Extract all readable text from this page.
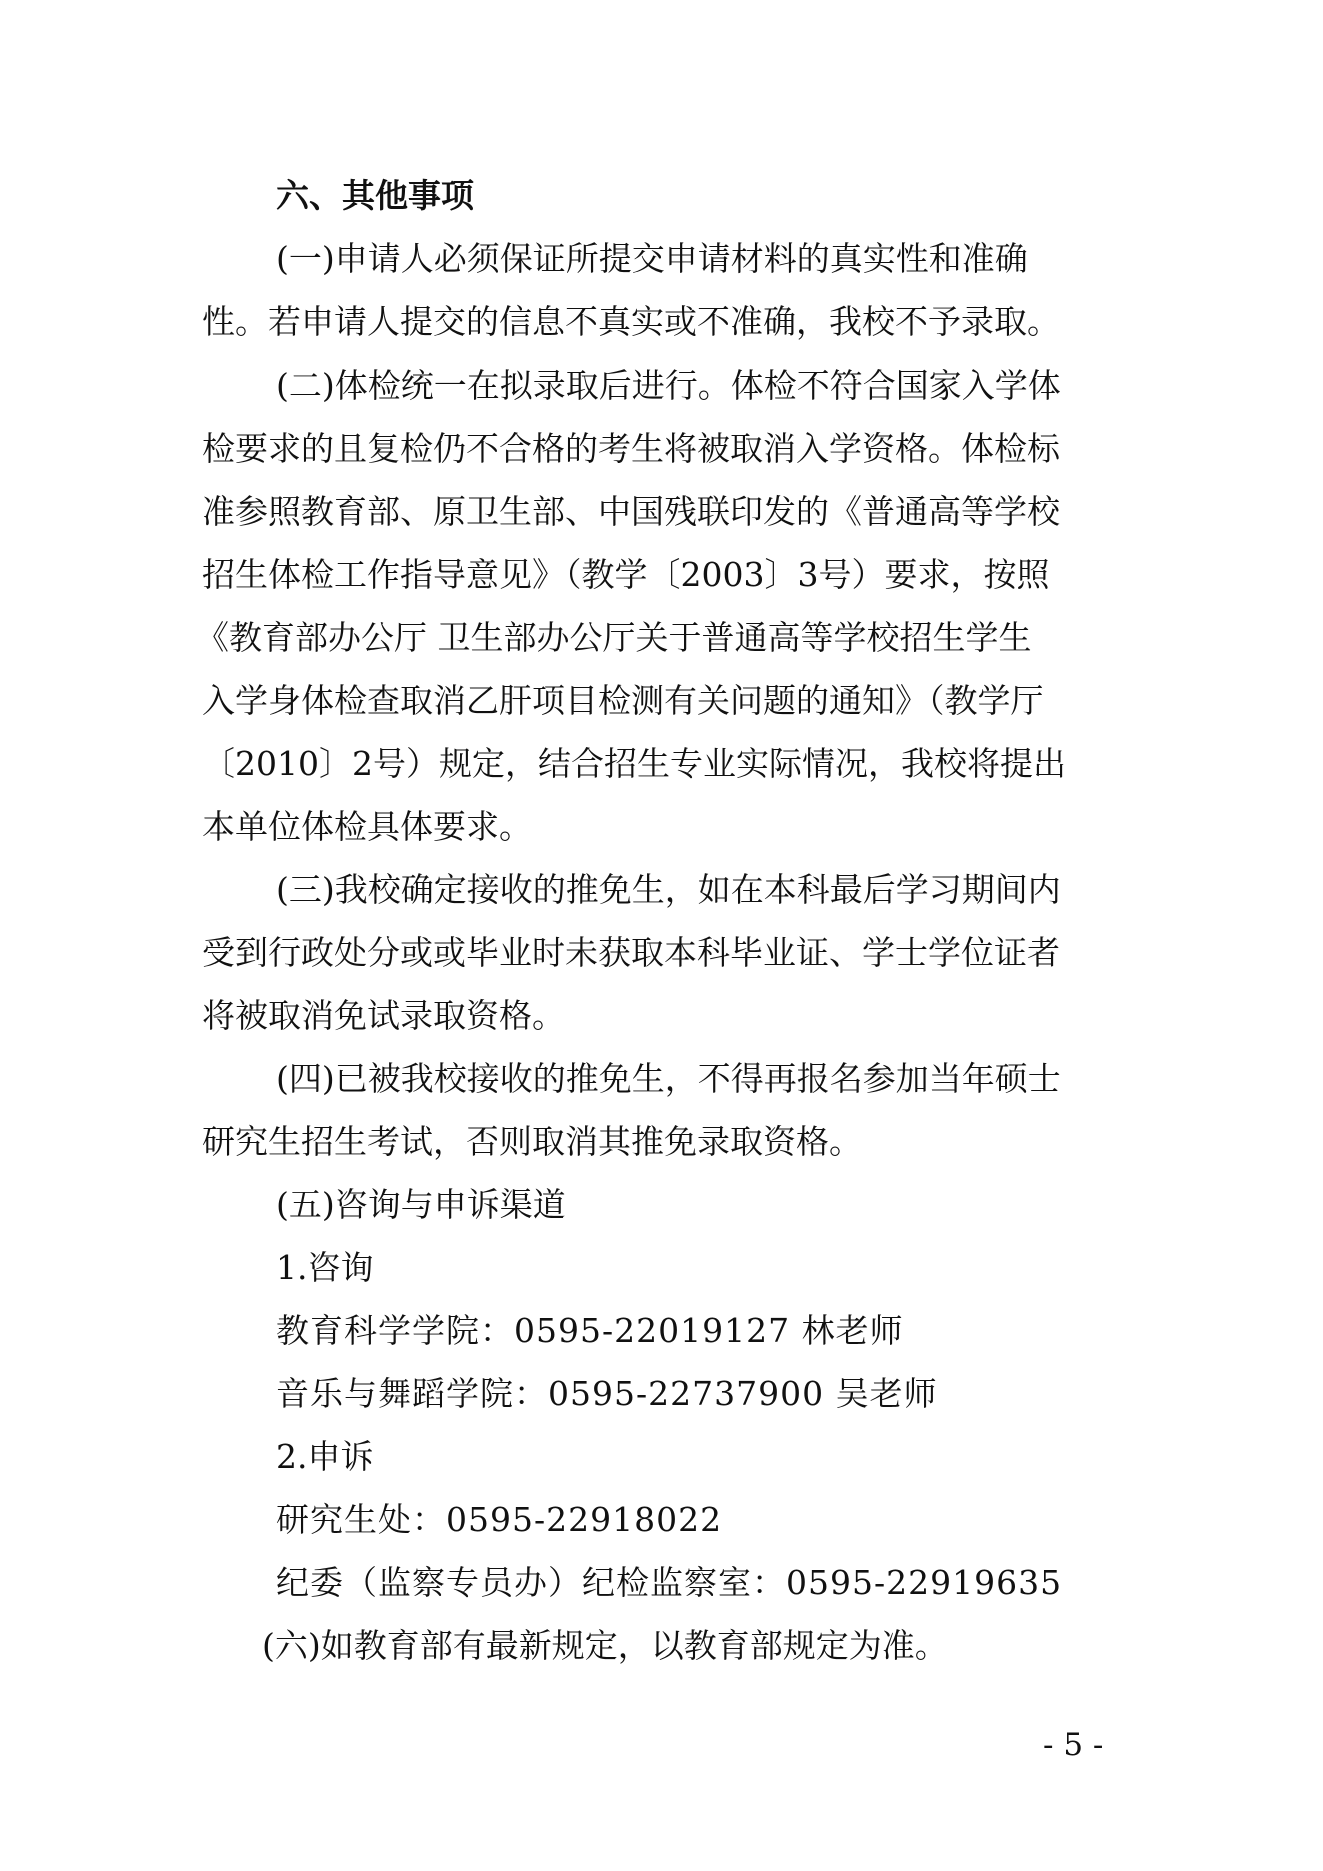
六、其他事项
(一)申请人必须保证所提交申请材料的真实性和准确
性。若申请人提交的信息不真实或不准确，我校不予录取。
(二)体检统一在拟录取后进行。体检不符合国家入学体
检要求的且复检仍不合格的考生将被取消入学资格。体检标
准参照教育部、原卫生部、中国残联印发的《普通高等学校
招生体检工作指导意见》（教学〔2003〕3号）要求，按照
《教育部办公厅 卫生部办公厅关于普通高等学校招生学生
入学身体检查取消乙肝项目检测有关问题的通知》（教学厅
〔2010〕2号）规定，结合招生专业实际情况，我校将提出
本单位体检具体要求。
(三)我校确定接收的推免生，如在本科最后学习期间内
受到行政处分或或毕业时未获取本科毕业证、学士学位证者
将被取消免试录取资格。
(四)已被我校接收的推免生，不得再报名参加当年硕士
研究生招生考试，否则取消其推免录取资格。
(五)咨询与申诉渠道
1.咨询
教育科学学院：0595-22019127 林老师
音乐与舞蹈学院：0595-22737900 吴老师
2.申诉
研究生处：0595-22918022
纪委（监察专员办）纪检监察室：0595-22919635
(六)如教育部有最新规定，以教育部规定为准。
- 5 -
